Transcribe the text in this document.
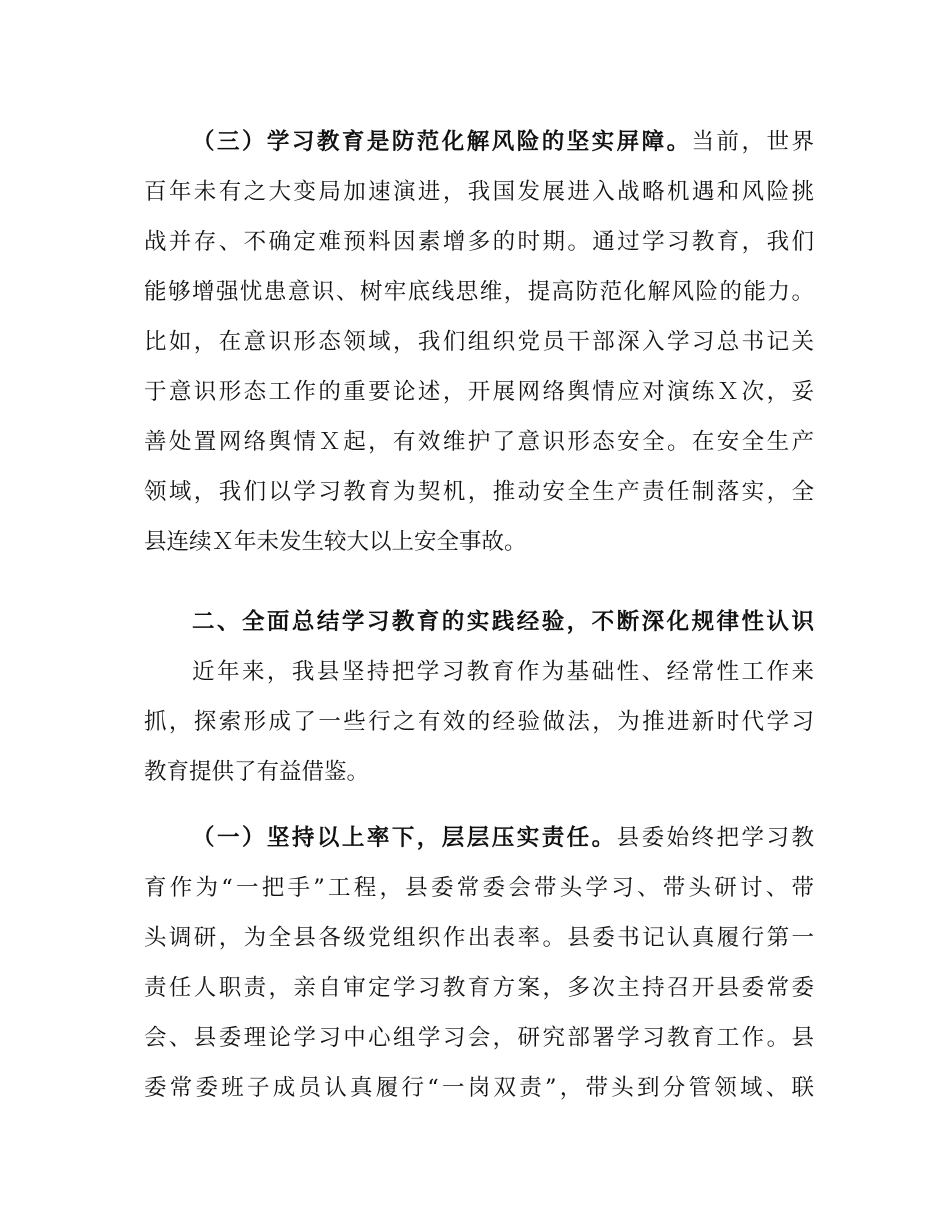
（三）学习教育是防范化解风险的坚实屏障。当前，世界
百年未有之大变局加速演进，我国发展进入战略机遇和风险挑
战并存、不确定难预料因素增多的时期。通过学习教育，我们
能够增强忧患意识、树牢底线思维，提高防范化解风险的能力。
比如，在意识形态领域，我们组织党员干部深入学习总书记关
于意识形态工作的重要论述，开展网络舆情应对演练Ｘ次，妥
善处置网络舆情Ｘ起，有效维护了意识形态安全。在安全生产
领域，我们以学习教育为契机，推动安全生产责任制落实，全
县连续Ｘ年未发生较大以上安全事故。
二、全面总结学习教育的实践经验，不断深化规律性认识
近年来，我县坚持把学习教育作为基础性、经常性工作来
抓，探索形成了一些行之有效的经验做法，为推进新时代学习
教育提供了有益借鉴。
（一）坚持以上率下，层层压实责任。县委始终把学习教
育作为“一把手”工程，县委常委会带头学习、带头研讨、带
头调研，为全县各级党组织作出表率。县委书记认真履行第一
责任人职责，亲自审定学习教育方案，多次主持召开县委常委
会、县委理论学习中心组学习会，研究部署学习教育工作。县
委常委班子成员认真履行“一岗双责”，带头到分管领域、联
